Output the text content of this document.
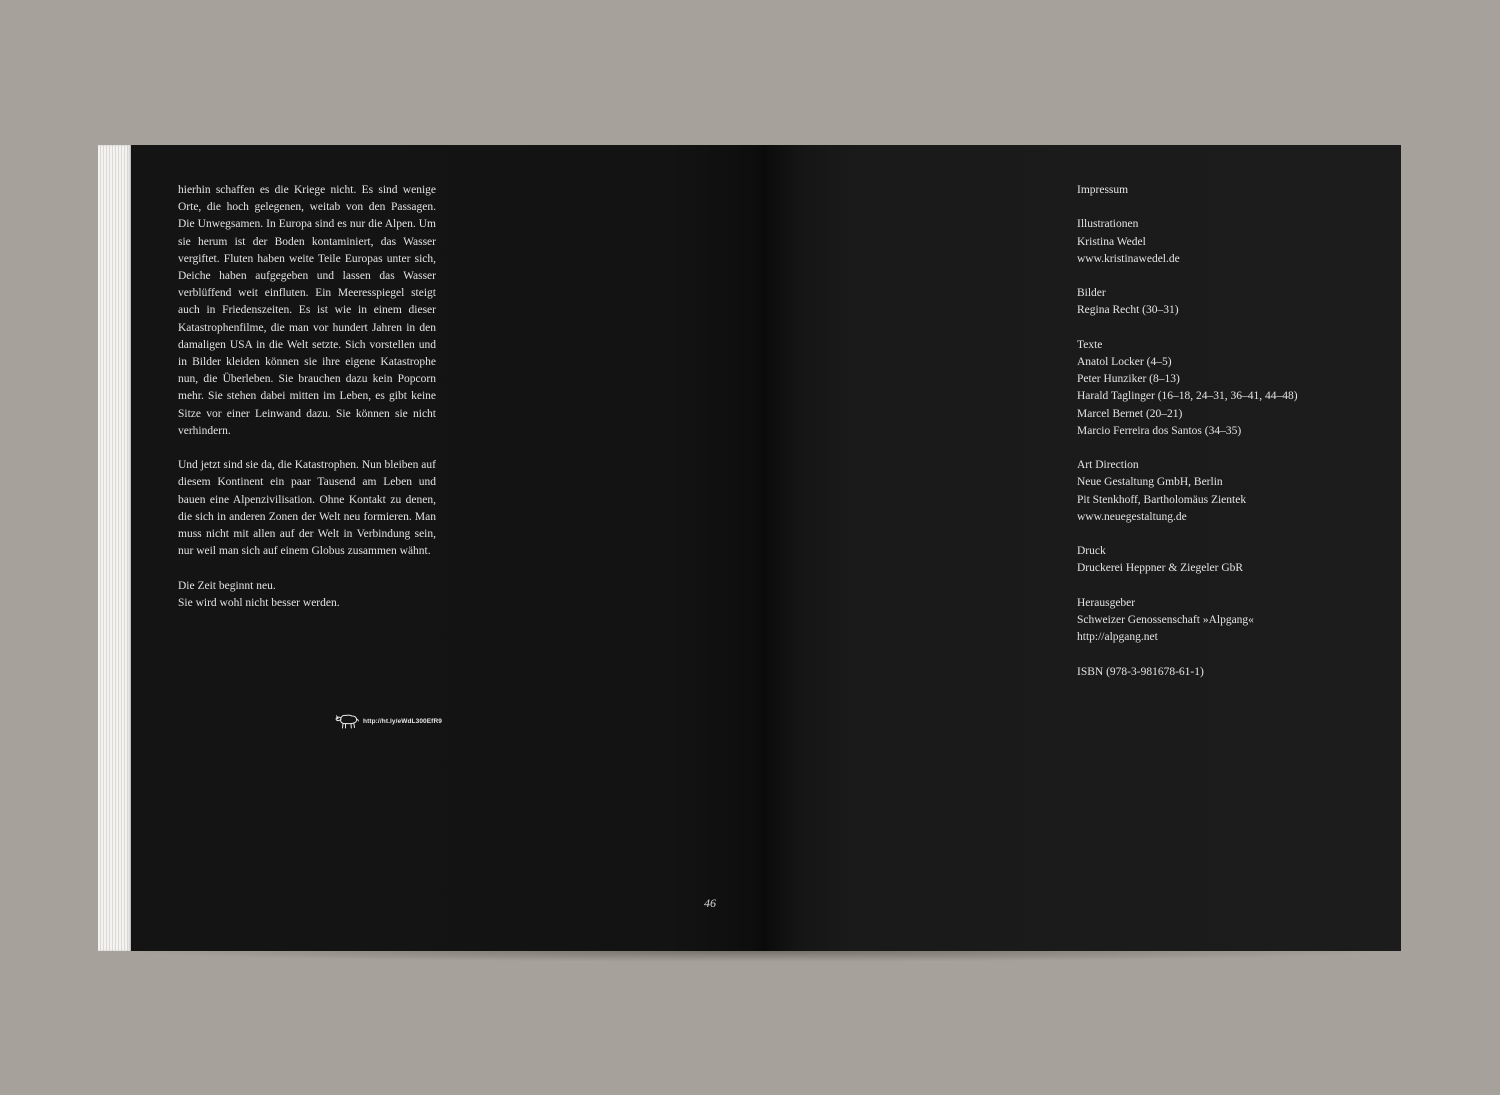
hierhin schaffen es die Kriege nicht. Es sind wenige Orte, die hoch gelegenen, weitab von den Passagen. Die Unwegsamen. In Europa sind es nur die Alpen. Um sie herum ist der Boden kontaminiert, das Wasser vergiftet. Fluten haben weite Teile Europas unter sich, Deiche haben aufgegeben und lassen das Wasser verblüffend weit einfluten. Ein Meeresspiegel steigt auch in Friedenszeiten. Es ist wie in einem dieser Katastrophenfilme, die man vor hundert Jahren in den damaligen USA in die Welt setzte. Sich vorstellen und in Bilder kleiden können sie ihre eigene Katastrophe nun, die Überleben. Sie brauchen dazu kein Popcorn mehr. Sie stehen dabei mitten im Leben, es gibt keine Sitze vor einer Leinwand dazu. Sie können sie nicht verhindern.

Und jetzt sind sie da, die Katastrophen. Nun bleiben auf diesem Kontinent ein paar Tausend am Leben und bauen eine Alpenzivilisation. Ohne Kontakt zu denen, die sich in anderen Zonen der Welt neu formieren. Man muss nicht mit allen auf der Welt in Verbindung sein, nur weil man sich auf einem Globus zusammen wähnt.

Die Zeit beginnt neu.
Sie wird wohl nicht besser werden.

http://ht.ly/eWdL300EfR9
46
Impressum
Illustrationen
Kristina Wedel
www.kristinawedel.de
Bilder
Regina Recht (30–31)
Texte
Anatol Locker (4–5)
Peter Hunziker (8–13)
Harald Taglinger (16–18, 24–31, 36–41, 44–48)
Marcel Bernet (20–21)
Marcio Ferreira dos Santos (34–35)
Art Direction
Neue Gestaltung GmbH, Berlin
Pit Stenkhoff, Bartholomäus Zientek
www.neuegestaltung.de
Druck
Druckerei Heppner & Ziegeler GbR
Herausgeber
Schweizer Genossenschaft »Alpgang«
http://alpgang.net
ISBN (978-3-981678-61-1)
